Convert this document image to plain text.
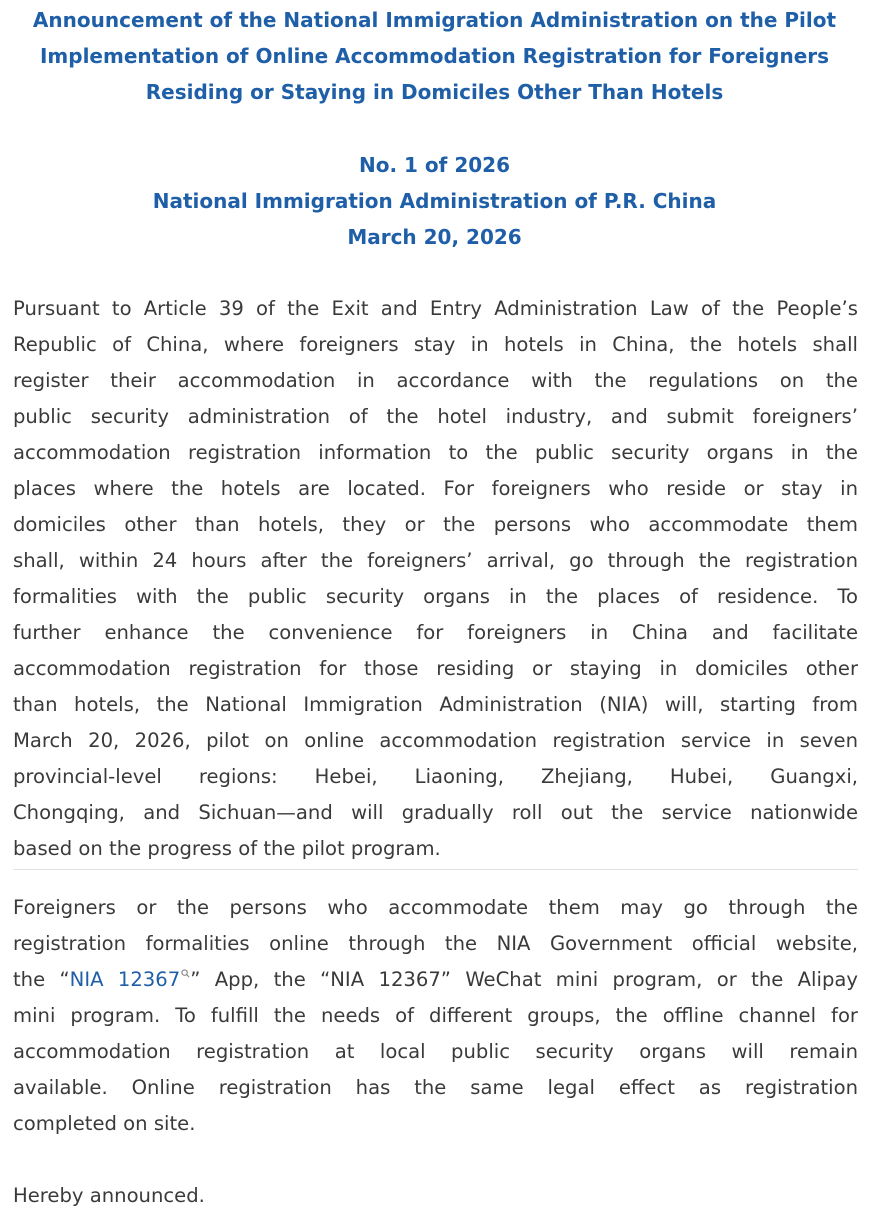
Announcement of the National Immigration Administration on the Pilot
Implementation of Online Accommodation Registration for Foreigners
Residing or Staying in Domiciles Other Than Hotels
No. 1 of 2026
National Immigration Administration of P.R. China
March 20, 2026
Pursuant to Article 39 of the Exit and Entry Administration Law of the People’s
Republic of China, where foreigners stay in hotels in China, the hotels shall
register their accommodation in accordance with the regulations on the
public security administration of the hotel industry, and submit foreigners’
accommodation registration information to the public security organs in the
places where the hotels are located. For foreigners who reside or stay in
domiciles other than hotels, they or the persons who accommodate them
shall, within 24 hours after the foreigners’ arrival, go through the registration
formalities with the public security organs in the places of residence. To
further enhance the convenience for foreigners in China and facilitate
accommodation registration for those residing or staying in domiciles other
than hotels, the National Immigration Administration (NIA) will, starting from
March 20, 2026, pilot on online accommodation registration service in seven
provincial-level regions: Hebei, Liaoning, Zhejiang, Hubei, Guangxi,
Chongqing, and Sichuan—and will gradually roll out the service nationwide
based on the progress of the pilot program.
Foreigners or the persons who accommodate them may go through the
registration formalities online through the NIA Government official website,
the “NIA 12367 ” App, the “NIA 12367” WeChat mini program, or the Alipay
mini program. To fulfill the needs of different groups, the offline channel for
accommodation registration at local public security organs will remain
available. Online registration has the same legal effect as registration
completed on site.
Hereby announced.
